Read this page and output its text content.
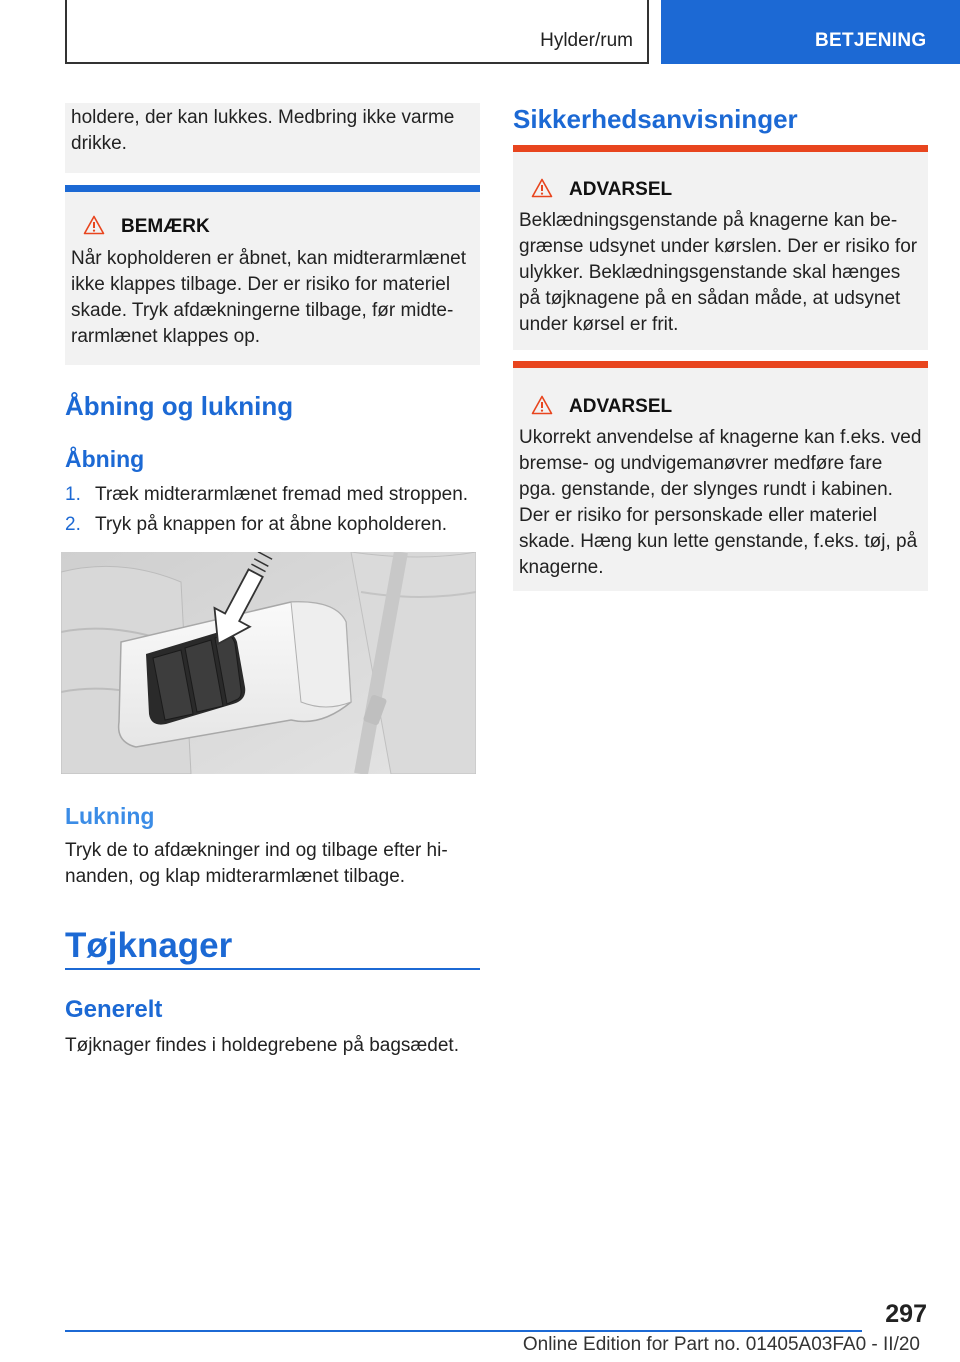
Hylder/rum	BETJENING
holdere, der kan lukkes. Medbring ikke varme
drikke.
BEMÆRK
Når kopholderen er åbnet, kan midterarmlænet
ikke klappes tilbage. Der er risiko for materiel
skade. Tryk afdækningerne tilbage, før midte-
rarmlænet klappes op.
Åbning og lukning
Åbning
1. Træk midterarmlænet fremad med stroppen.
2. Tryk på knappen for at åbne kopholderen.
Lukning
Tryk de to afdækninger ind og tilbage efter hi-
nanden, og klap midterarmlænet tilbage.
Tøjknager
Generelt
Tøjknager findes i holdegrebene på bagsædet.
Sikkerhedsanvisninger
ADVARSEL
Beklædningsgenstande på knagerne kan be-
grænse udsynet under kørslen. Der er risiko for
ulykker. Beklædningsgenstande skal hænges
på tøjknagene på en sådan måde, at udsynet
under kørsel er frit.
ADVARSEL
Ukorrekt anvendelse af knagerne kan f.eks. ved
bremse- og undvigemanøvrer medføre fare
pga. genstande, der slynges rundt i kabinen.
Der er risiko for personskade eller materiel
skade. Hæng kun lette genstande, f.eks. tøj, på
knagerne.
297
Online Edition for Part no. 01405A03FA0 - II/20
